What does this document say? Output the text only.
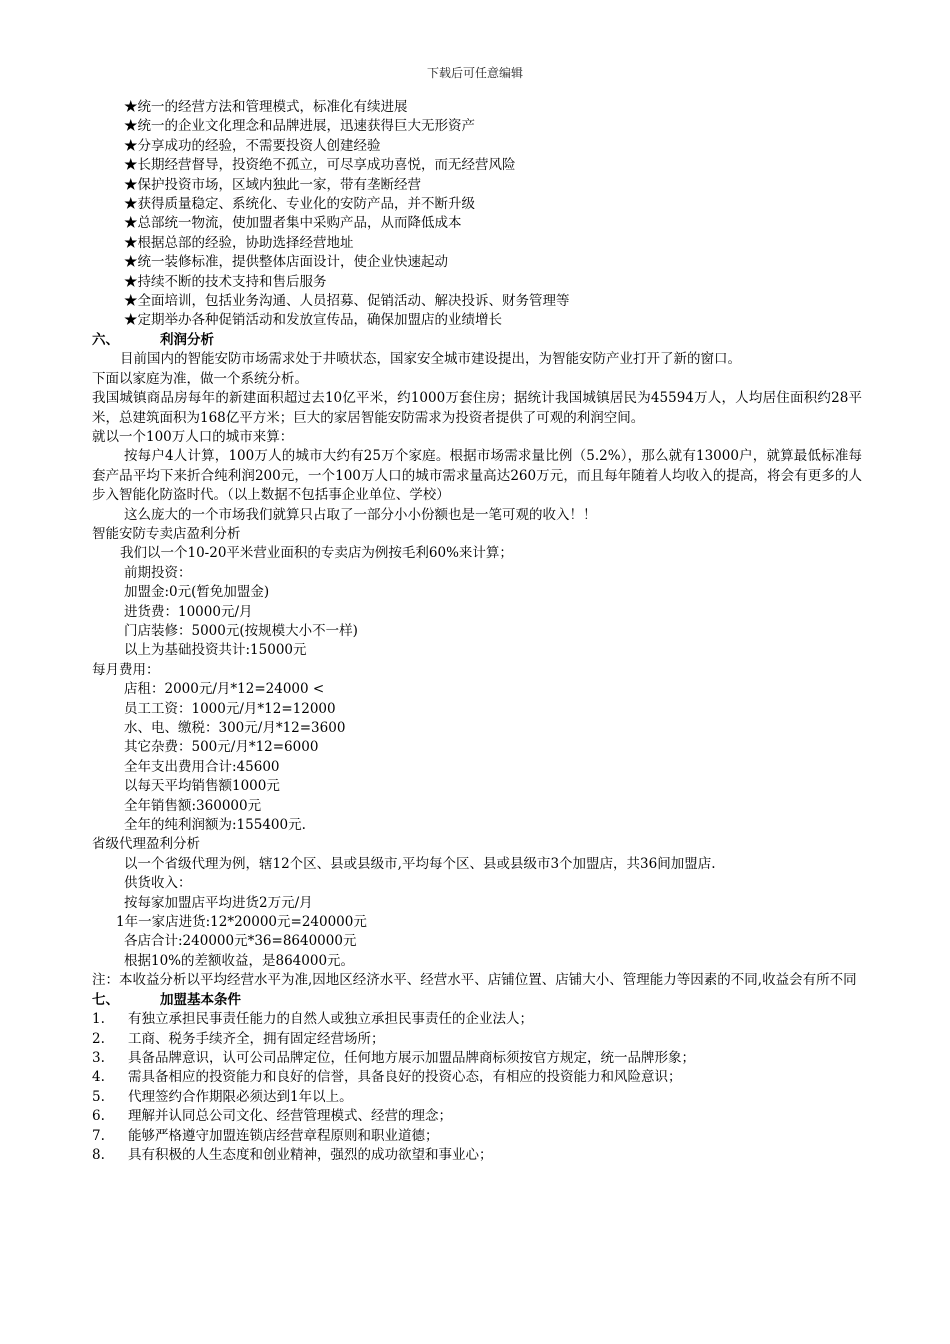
下载后可任意编辑
★统一的经营方法和管理模式，标准化有续进展
★统一的企业文化理念和品牌进展，迅速获得巨大无形资产
★分享成功的经验，不需要投资人创建经验
★长期经营督导，投资绝不孤立，可尽享成功喜悦，而无经营风险
★保护投资市场，区域内独此一家，带有垄断经营
★获得质量稳定、系统化、专业化的安防产品，并不断升级
★总部统一物流，使加盟者集中采购产品，从而降低成本
★根据总部的经验，协助选择经营地址
★统一装修标准，提供整体店面设计，使企业快速起动
★持续不断的技术支持和售后服务
★全面培训，包括业务沟通、人员招募、促销活动、解决投诉、财务管理等
★定期举办各种促销活动和发放宣传品，确保加盟店的业绩增长
六、	利润分析
目前国内的智能安防市场需求处于井喷状态，国家安全城市建设提出，为智能安防产业打开了新的窗口。
下面以家庭为准，做一个系统分析。
我国城镇商品房每年的新建面积超过去10亿平米，约1000万套住房；据统计我国城镇居民为45594万人，人均居住面积约28平米，总建筑面积为168亿平方米；巨大的家居智能安防需求为投资者提供了可观的利润空间。
就以一个100万人口的城市来算：
按每户4人计算，100万人的城市大约有25万个家庭。根据市场需求量比例（5.2%），那么就有13000户，就算最低标准每套产品平均下来折合纯利润200元，一个100万人口的城市需求量高达260万元，而且每年随着人均收入的提高，将会有更多的人步入智能化防盗时代。（以上数据不包括事企业单位、学校）
这么庞大的一个市场我们就算只占取了一部分小小份额也是一笔可观的收入！！
智能安防专卖店盈利分析
我们以一个10-20平米营业面积的专卖店为例按毛利60%来计算；
前期投资：
加盟金:0元(暂免加盟金)
进货费：10000元/月
门店装修：5000元(按规模大小不一样)
以上为基础投资共计:15000元
每月费用：
店租：2000元/月*12=24000 <
员工工资：1000元/月*12=12000
水、电、缴税：300元/月*12=3600
其它杂费：500元/月*12=6000
全年支出费用合计:45600
以每天平均销售额1000元
全年销售额:360000元
全年的纯利润额为:155400元.
省级代理盈利分析
以一个省级代理为例，辖12个区、县或县级市,平均每个区、县或县级市3个加盟店，共36间加盟店.
供货收入：
按每家加盟店平均进货2万元/月
1年一家店进货:12*20000元=240000元
各店合计:240000元*36=8640000元
根据10%的差额收益，是864000元。
注：本收益分析以平均经营水平为准,因地区经济水平、经营水平、店铺位置、店铺大小、管理能力等因素的不同,收益会有所不同
七、	加盟基本条件
1.	有独立承担民事责任能力的自然人或独立承担民事责任的企业法人；
2.	工商、税务手续齐全，拥有固定经营场所；
3.	具备品牌意识，认可公司品牌定位，任何地方展示加盟品牌商标须按官方规定，统一品牌形象；
4.	需具备相应的投资能力和良好的信誉，具备良好的投资心态，有相应的投资能力和风险意识；
5.	代理签约合作期限必须达到1年以上。
6.	理解并认同总公司文化、经营管理模式、经营的理念；
7.	能够严格遵守加盟连锁店经营章程原则和职业道德；
8.	具有积极的人生态度和创业精神，强烈的成功欲望和事业心；
